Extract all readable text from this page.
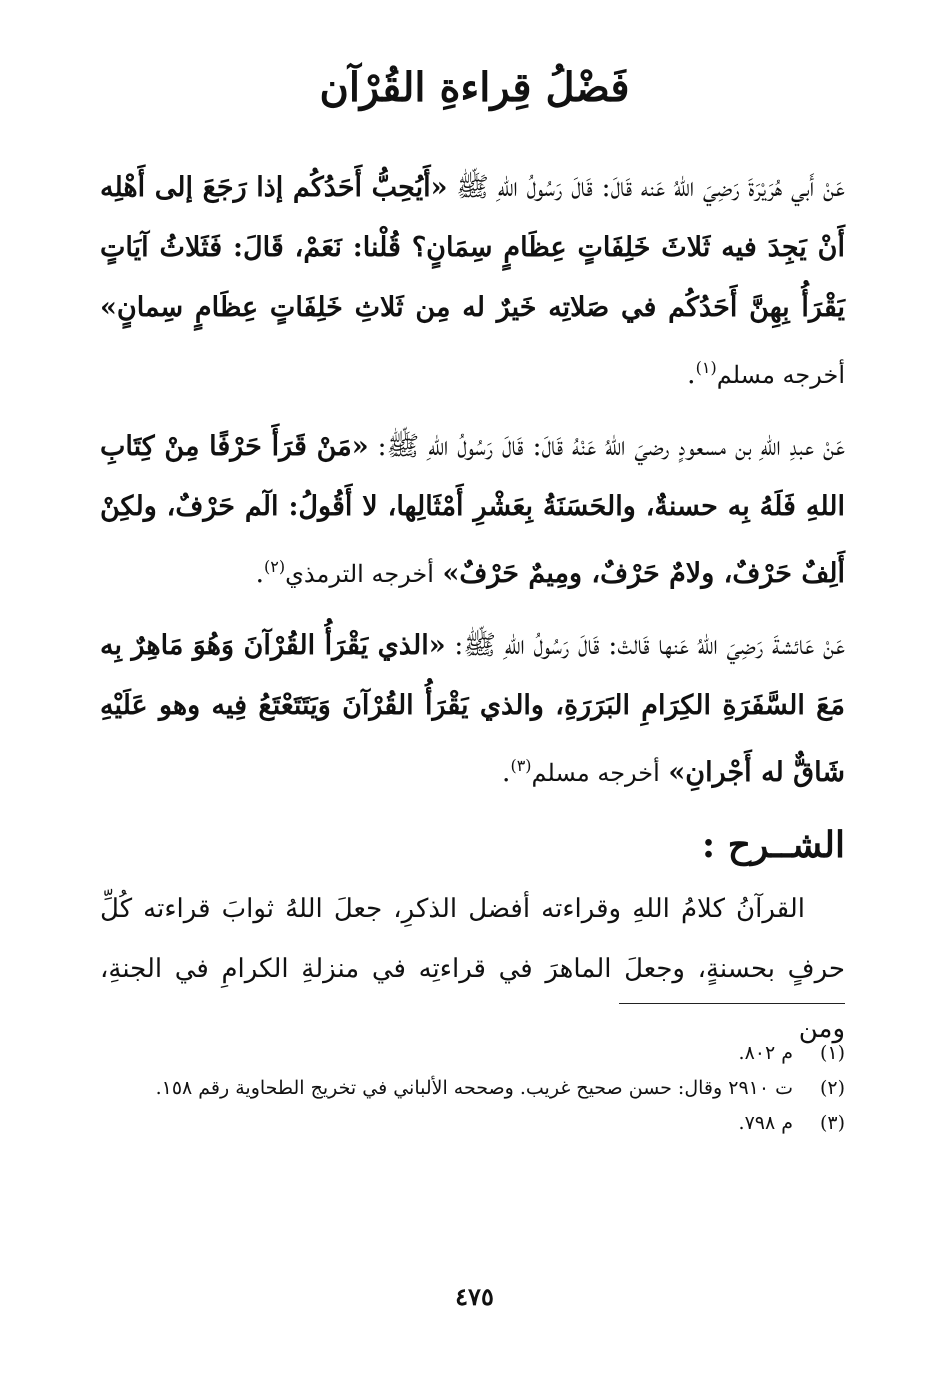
فَضْلُ قِراءةِ القُرْآن

عَنْ أَبي هُرَيْرَةَ رَضِيَ اللهُ عَنه قَالَ: قَالَ رَسُولُ اللهِ ﷺ «أَيُحِبُّ أَحَدُكُم إذا رَجَعَ إلى أَهْلِه أَنْ يَجِدَ فيه ثَلاثَ خَلِفَاتٍ عِظَامٍ سِمَانٍ؟ قُلْنا: نَعَمْ، قَالَ: فَثَلاثُ آيَاتٍ يَقْرَأُ بِهِنَّ أَحَدُكُم في صَلاتِه خَيرٌ له مِن ثَلاثِ خَلِفَاتٍ عِظَامٍ سِمانٍ» أخرجه مسلم$^{(١)}$.

عَنْ عبدِ اللهِ بن مسعودٍ رضيَ اللهُ عَنْهُ قَالَ: قَالَ رَسُولُ اللهِ ﷺ: «مَنْ قَرَأَ حَرْفًا مِنْ كِتَابِ اللهِ فَلَهُ بِه حسنةٌ، والحَسَنَةُ بِعَشْرِ أَمْثَالِها، لا أَقُولُ: الٓم حَرْفٌ، ولكِنْ أَلِفٌ حَرْفٌ، ولامٌ حَرْفٌ، ومِيمٌ حَرْفٌ» أخرجه الترمذي$^{(٢)}$.

عَنْ عَائشةَ رَضِيَ اللهُ عَنها قَالتْ: قَالَ رَسُولُ اللهِ ﷺ: «الذي يَقْرَأُ القُرْآنَ وَهُوَ مَاهِرٌ بِه مَعَ السَّفَرَةِ الكِرَامِ البَرَرَةِ، والذي يَقْرَأُ القُرْآنَ وَيَتَتَعْتَعُ فِيه وهو عَلَيْهِ شَاقٌّ له أَجْرانِ» أخرجه مسلم$^{(٣)}$.

الشــرح :

القرآنُ كلامُ اللهِ وقراءته أفضل الذكرِ، جعلَ اللهُ ثوابَ قراءته كُلِّ حرفٍ بحسنةٍ، وجعلَ الماهرَ في قراءتِه في منزلةِ الكرامِ في الجنةِ، ومن

(١)
م ٨٠٢.
(٢)
ت ٢٩١٠ وقال: حسن صحيح غريب. وصححه الألباني في تخريج الطحاوية رقم ١٥٨.
(٣)
م ٧٩٨.
٤٧٥
